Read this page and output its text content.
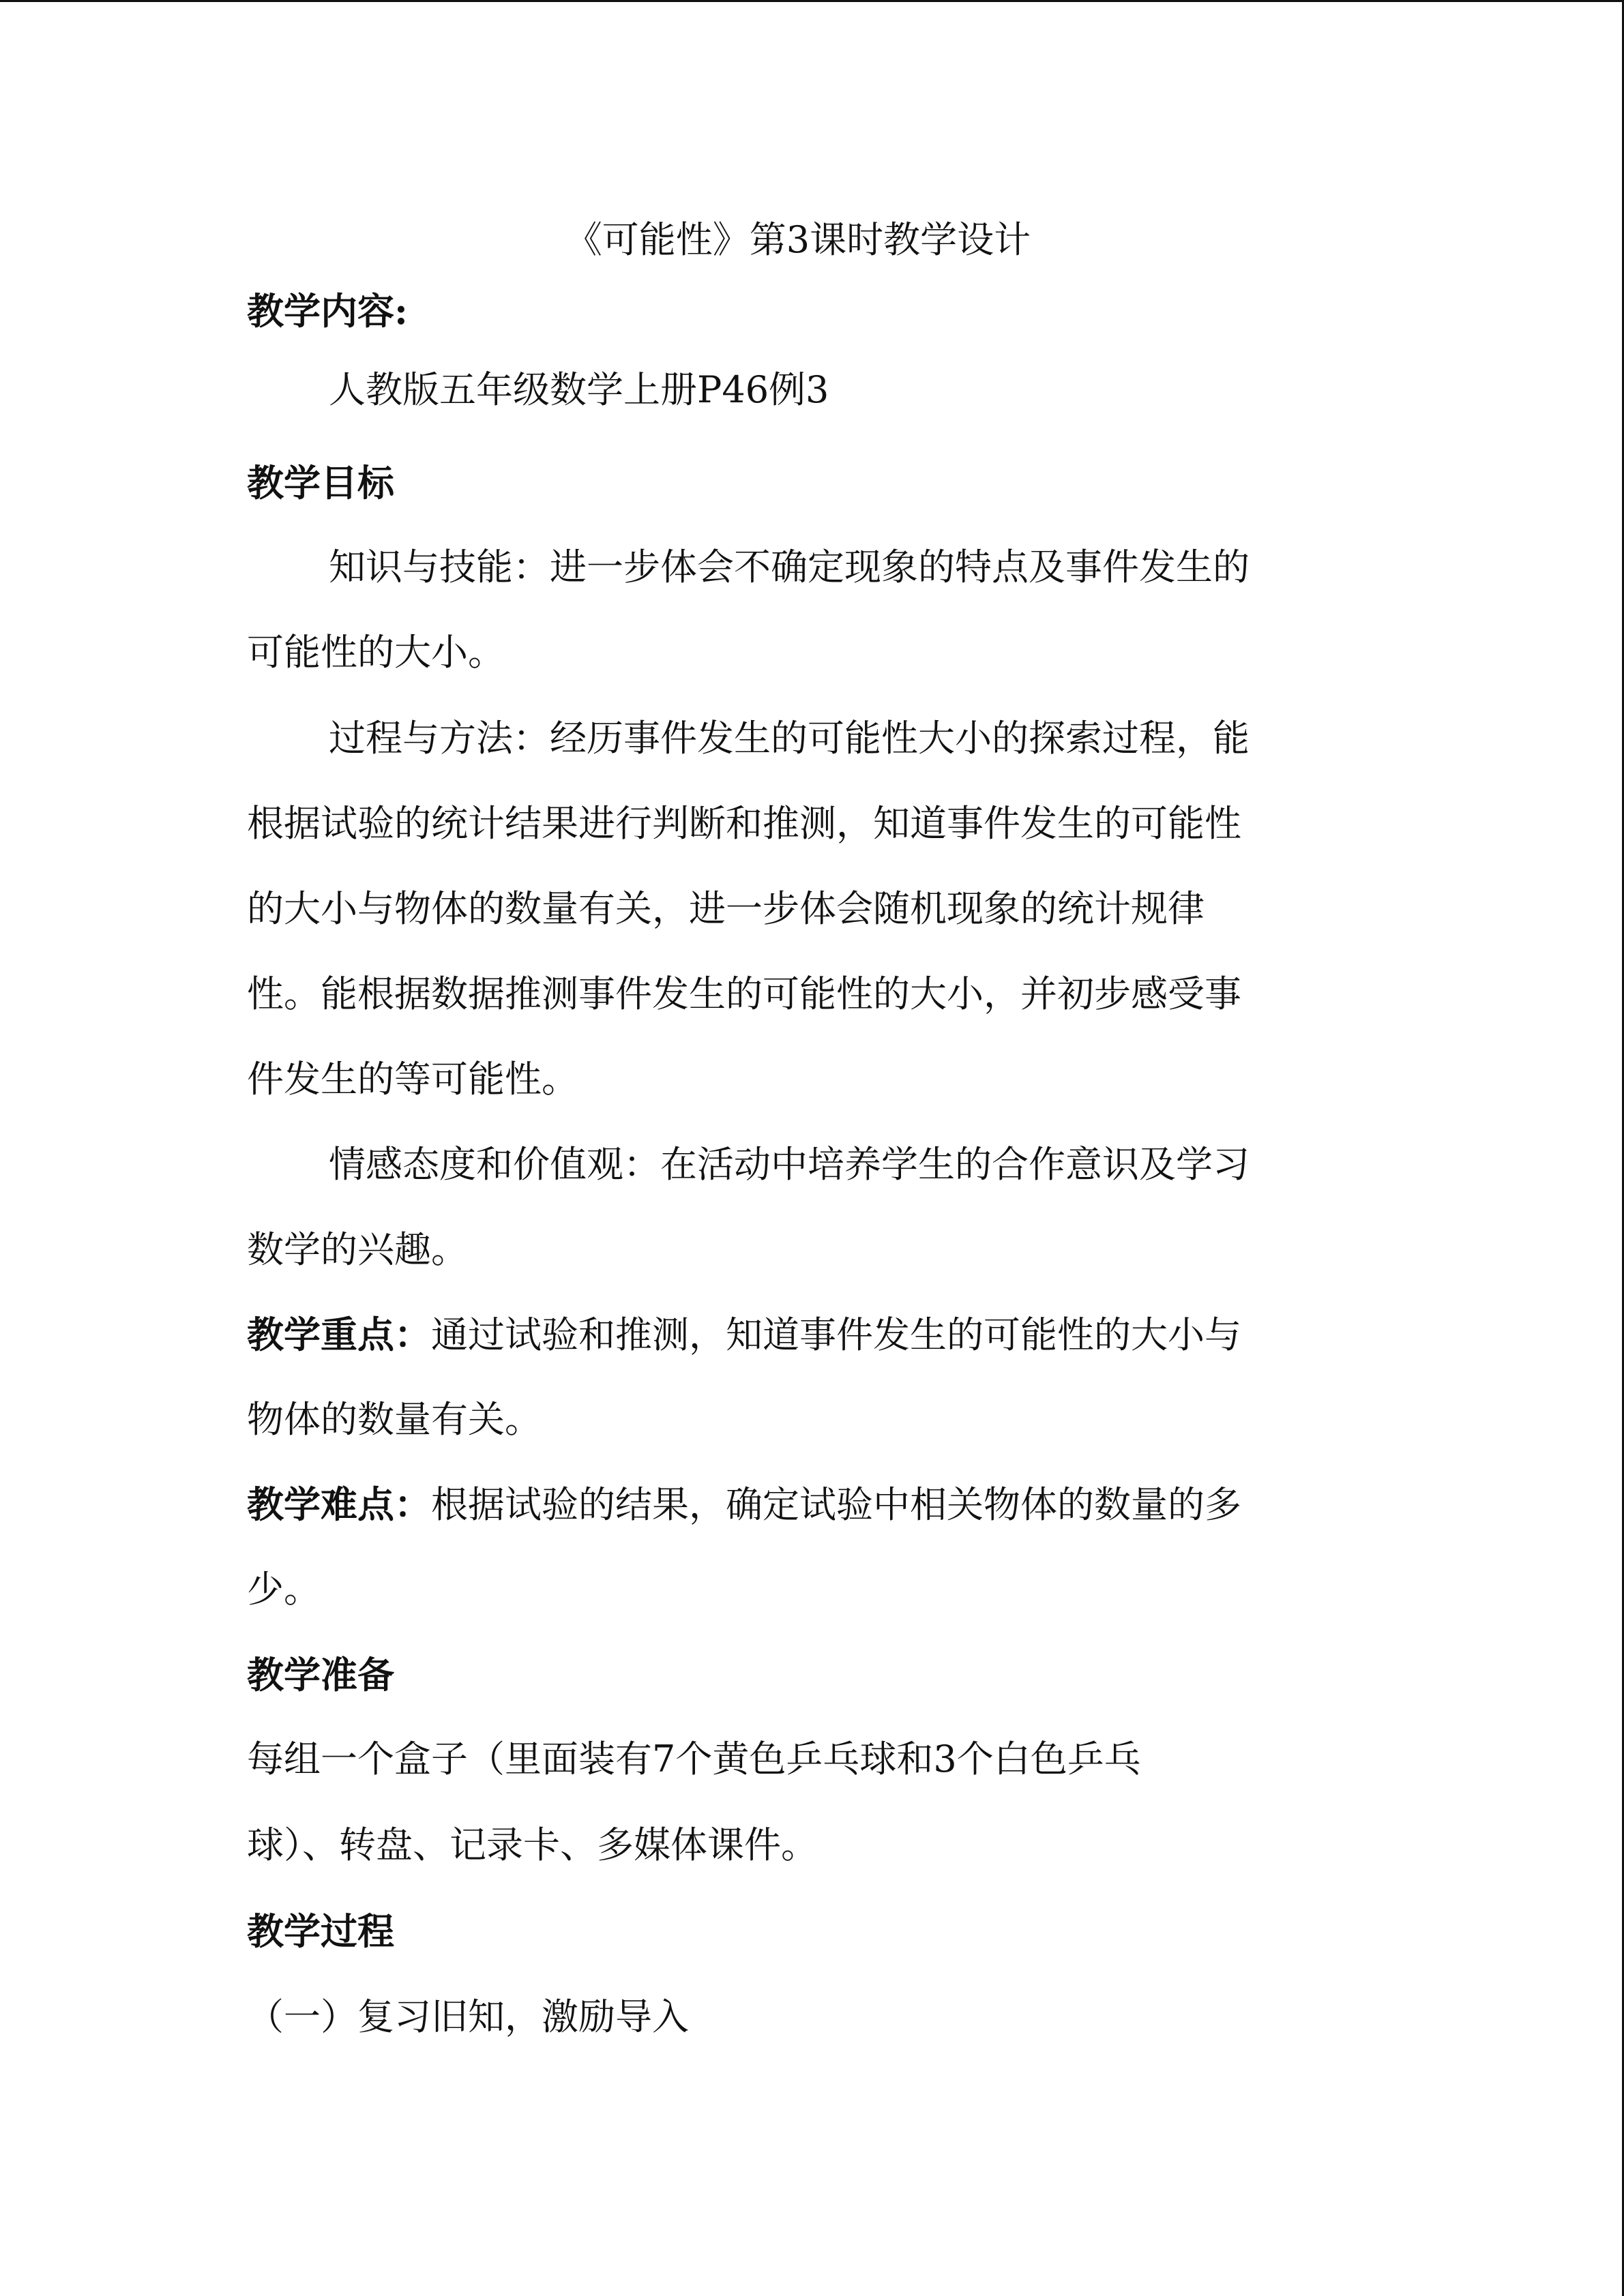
《可能性》第3课时教学设计
教学内容:
人教版五年级数学上册P46例3
教学目标
知识与技能：进一步体会不确定现象的特点及事件发生的
可能性的大小。
过程与方法：经历事件发生的可能性大小的探索过程，能
根据试验的统计结果进行判断和推测，知道事件发生的可能性
的大小与物体的数量有关，进一步体会随机现象的统计规律
性。能根据数据推测事件发生的可能性的大小，并初步感受事
件发生的等可能性。
情感态度和价值观：在活动中培养学生的合作意识及学习
数学的兴趣。
教学重点：通过试验和推测，知道事件发生的可能性的大小与
物体的数量有关。
教学难点：根据试验的结果，确定试验中相关物体的数量的多
少。
教学准备
每组一个盒子（里面装有7个黄色乒乓球和3个白色乒乓
球）、转盘、记录卡、多媒体课件。
教学过程
（一）复习旧知，激励导入
